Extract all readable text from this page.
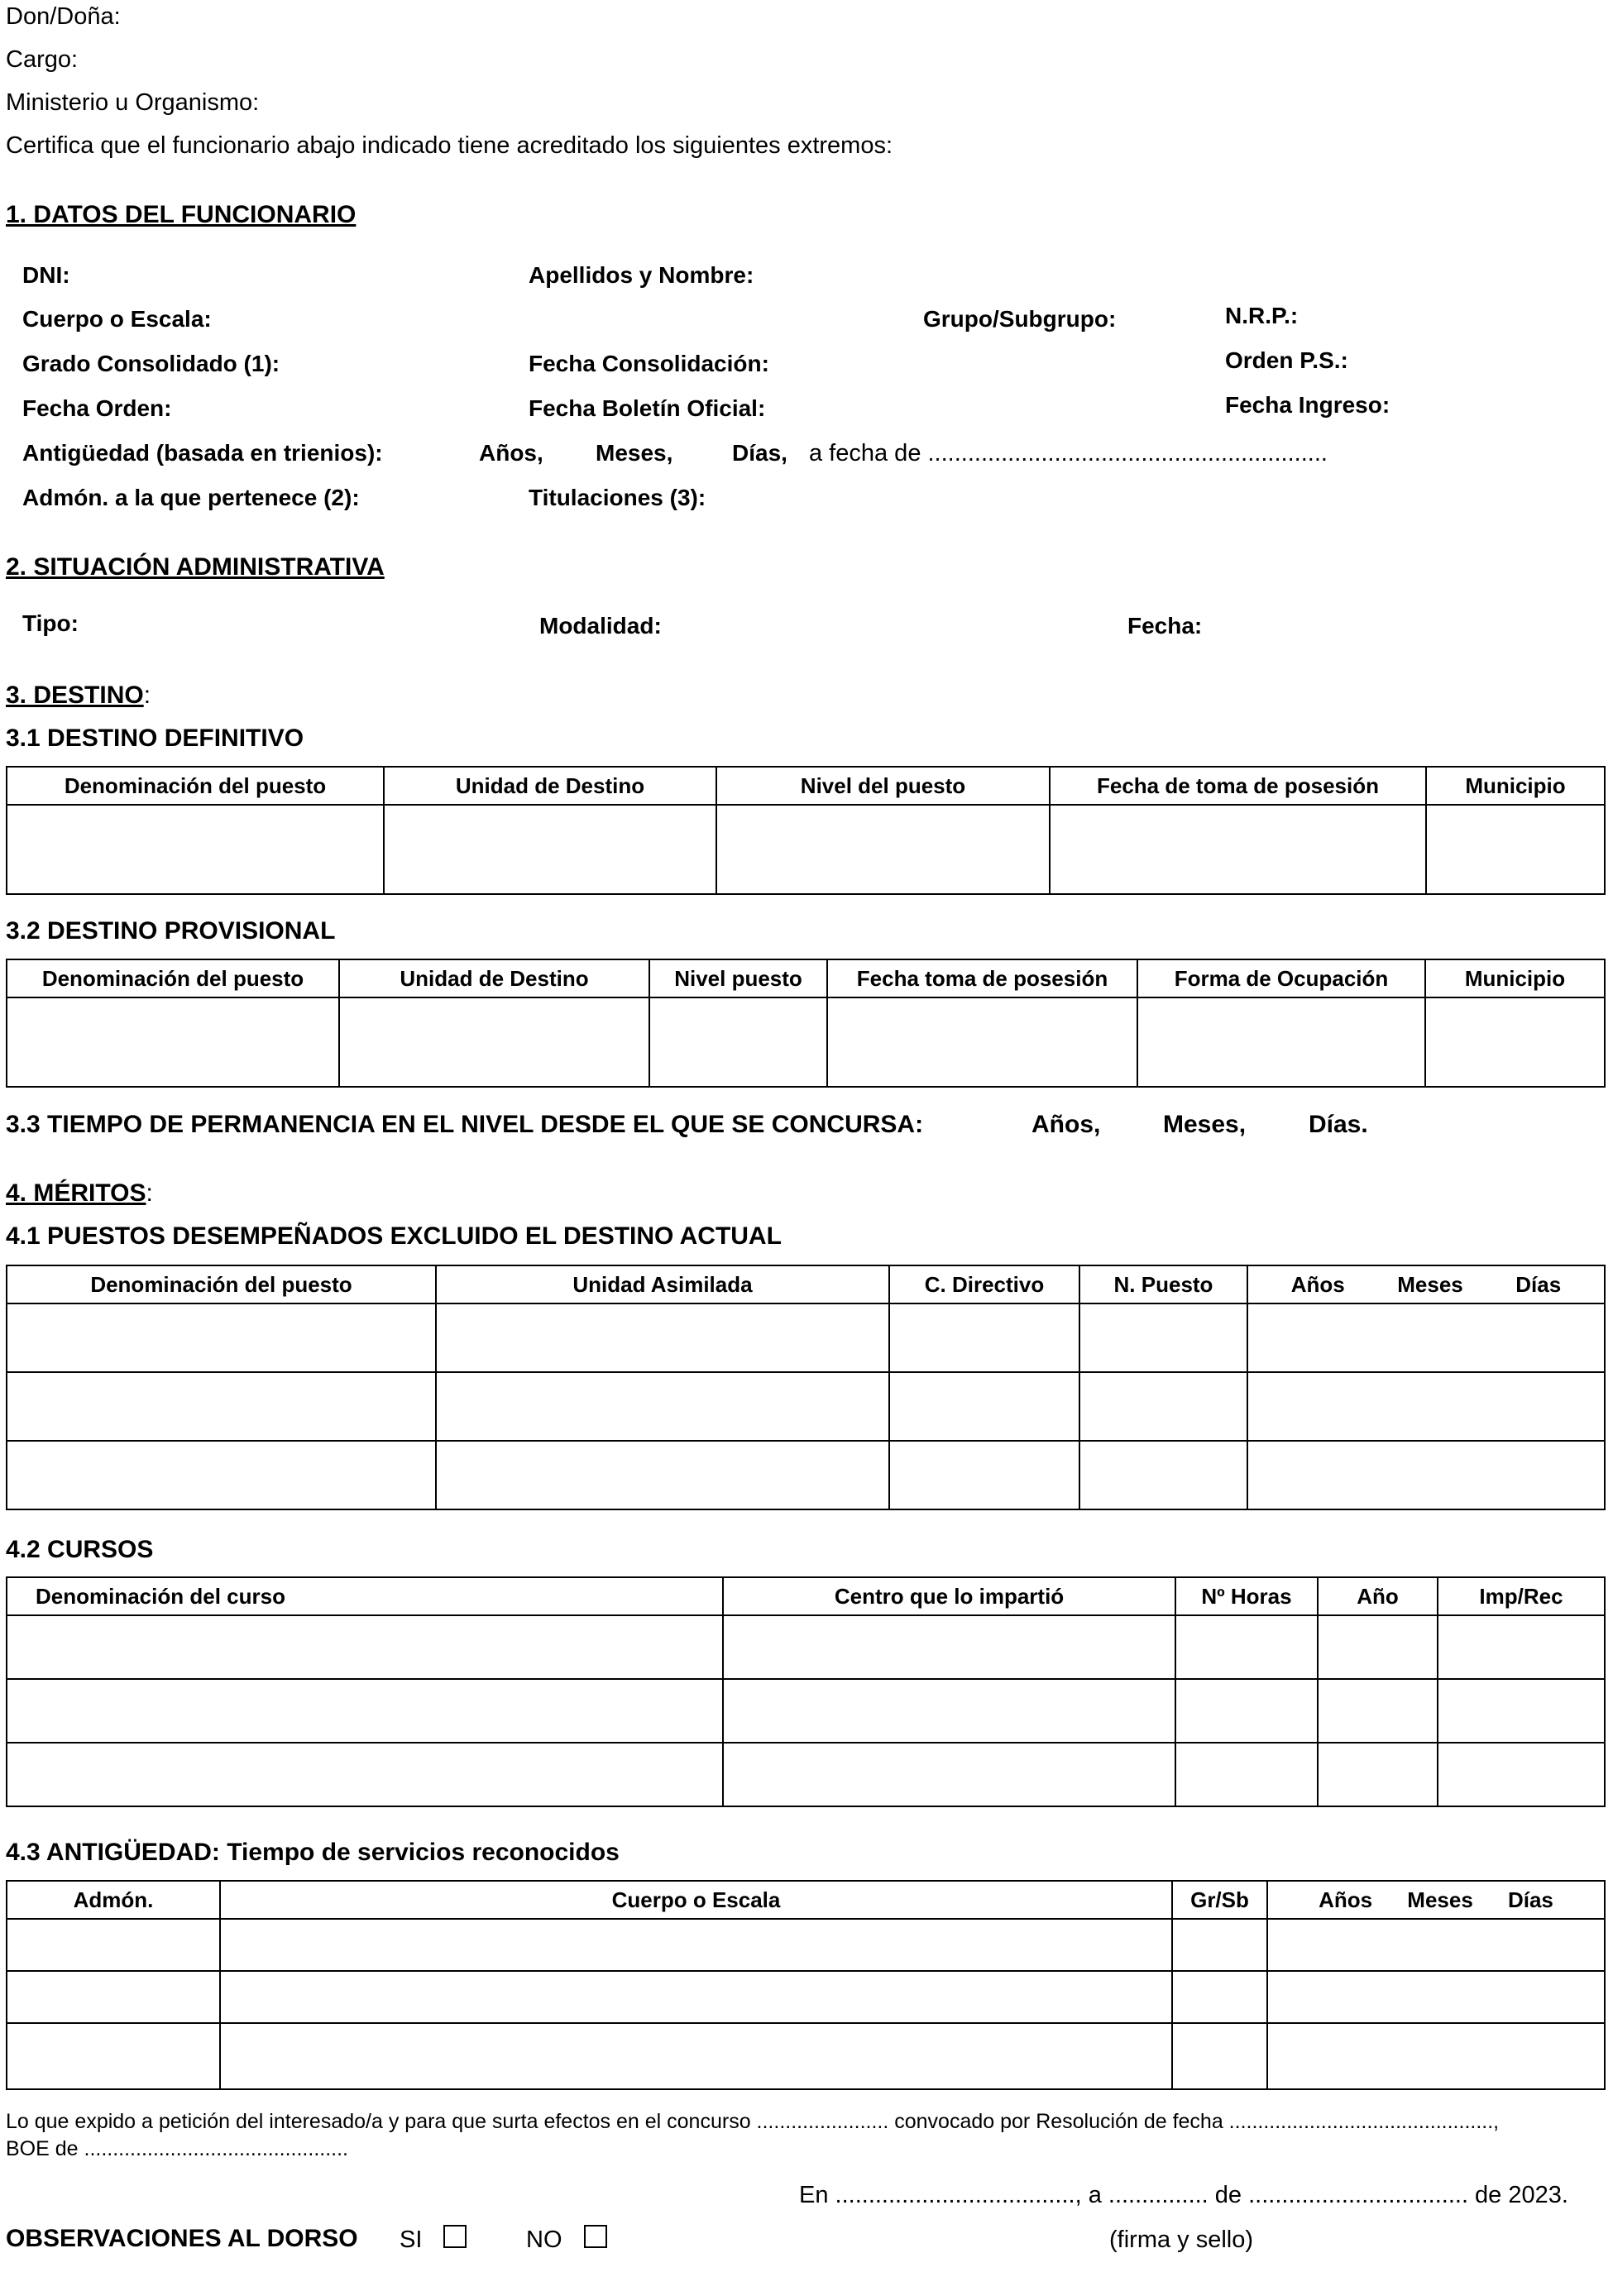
Don/Doña:
Cargo:
Ministerio u Organismo:
Certifica que el funcionario abajo indicado tiene acreditado los siguientes extremos:
1. DATOS DEL FUNCIONARIO
DNI:	Apellidos y Nombre:
Cuerpo o Escala:	Grupo/Subgrupo:	N.R.P.:
Grado Consolidado (1):	Fecha Consolidación:	Orden P.S.:
Fecha Orden:	Fecha Boletín Oficial:	Fecha Ingreso:
Antigüedad (basada en trienios):	Años, Meses,	Días, a fecha de ............................................................
Admón. a la que pertenece (2):	Titulaciones (3):
2. SITUACIÓN ADMINISTRATIVA
Tipo:	Modalidad:	Fecha:
3. DESTINO:
3.1 DESTINO DEFINITIVO
Denominación del puesto	Unidad de Destino	Nivel del puesto	Fecha de toma de posesión	Municipio

3.2 DESTINO PROVISIONAL
Denominación del puesto	Unidad de Destino	Nivel puesto	Fecha toma de posesión	Forma de Ocupación	Municipio

3.3 TIEMPO DE PERMANENCIA EN EL NIVEL DESDE EL QUE SE CONCURSA:	Años,	Meses,	Días.
4. MÉRITOS:
4.1 PUESTOS DESEMPEÑADOS EXCLUIDO EL DESTINO ACTUAL
Denominación del puesto	Unidad Asimilada	C. Directivo	N. Puesto	Años Meses Días

4.2 CURSOS
Denominación del curso	Centro que lo impartió	Nº Horas	Año	Imp/Rec

4.3 ANTIGÜEDAD: Tiempo de servicios reconocidos
Admón.	Cuerpo o Escala	Gr/Sb	Años Meses Días

Lo que expido a petición del interesado/a y para que surta efectos en el concurso ....................... convocado por Resolución de fecha ..............................................,
BOE de ..............................................
En ...................................., a ............... de ................................. de 2023.
OBSERVACIONES AL DORSO SI	NO	(firma y sello)
